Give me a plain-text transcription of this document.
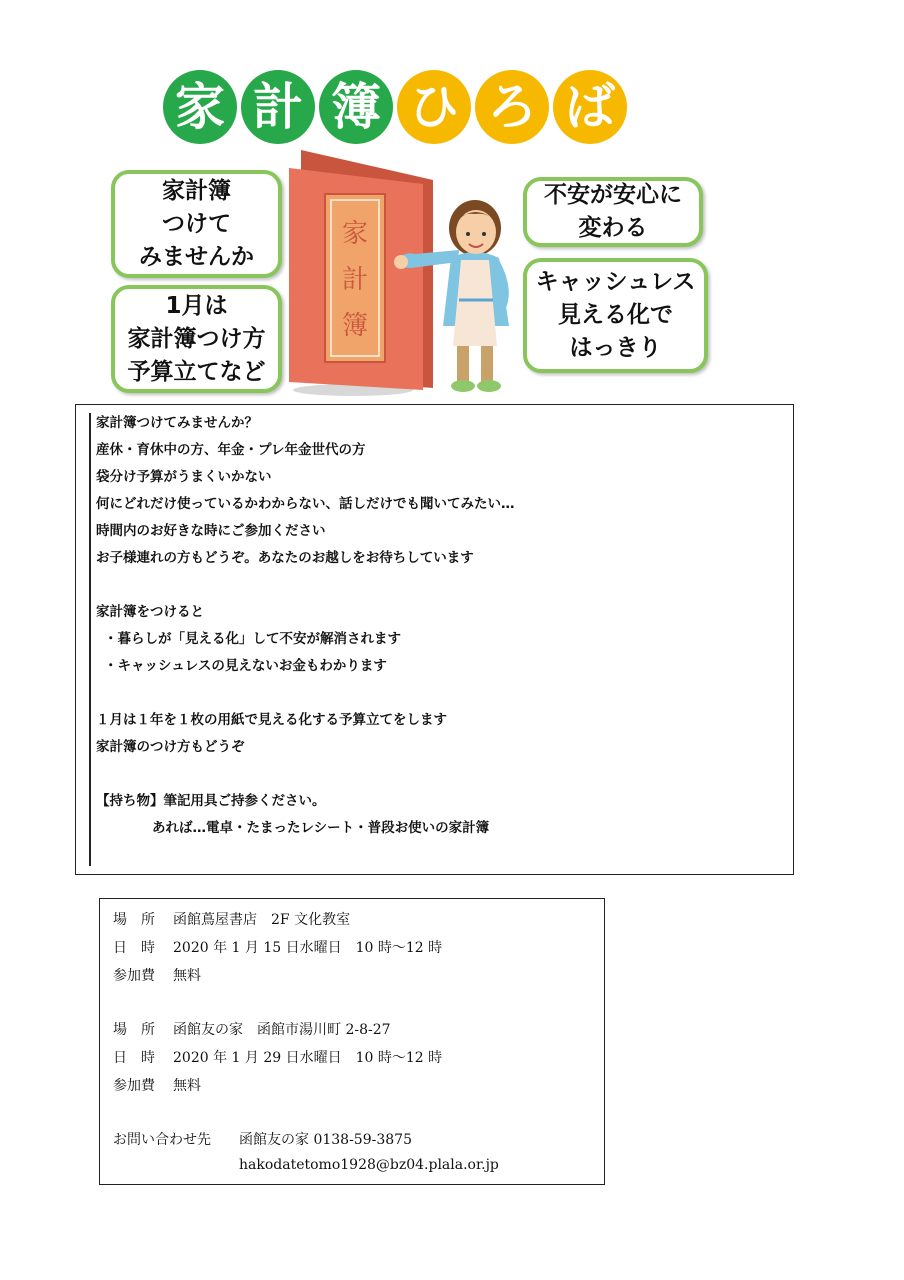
家 計 簿 ひ ろ ば
家計簿
つけて
みませんか
1月は
家計簿つけ方
予算立てなど
不安が安心に
変わる
キャッシュレス
見える化で
はっきり
家
計
簿
家計簿つけてみませんか？
産休・育休中の方、年金・プレ年金世代の方
袋分け予算がうまくいかない
何にどれだけ使っているかわからない、話しだけでも聞いてみたい…
時間内のお好きな時にご参加ください
お子様連れの方もどうぞ。あなたのお越しをお待ちしています
家計簿をつけると
・暮らしが「見える化」して不安が解消されます
・キャッシュレスの見えないお金もわかります
１月は１年を１枚の用紙で見える化する予算立てをします
家計簿のつけ方もどうぞ
【持ち物】筆記用具ご持参ください。
あれば…電卓・たまったレシート・普段お使いの家計簿
場　所 函館蔦屋書店　2F 文化教室
日　時 2020 年 1 月 15 日水曜日　10 時～12 時
参加費 無料
場　所 函館友の家　函館市湯川町 2-8-27
日　時 2020 年 1 月 29 日水曜日　10 時～12 時
参加費 無料
お問い合わせ先 函館友の家 0138-59-3875
hakodatetomo1928@bz04.plala.or.jp
